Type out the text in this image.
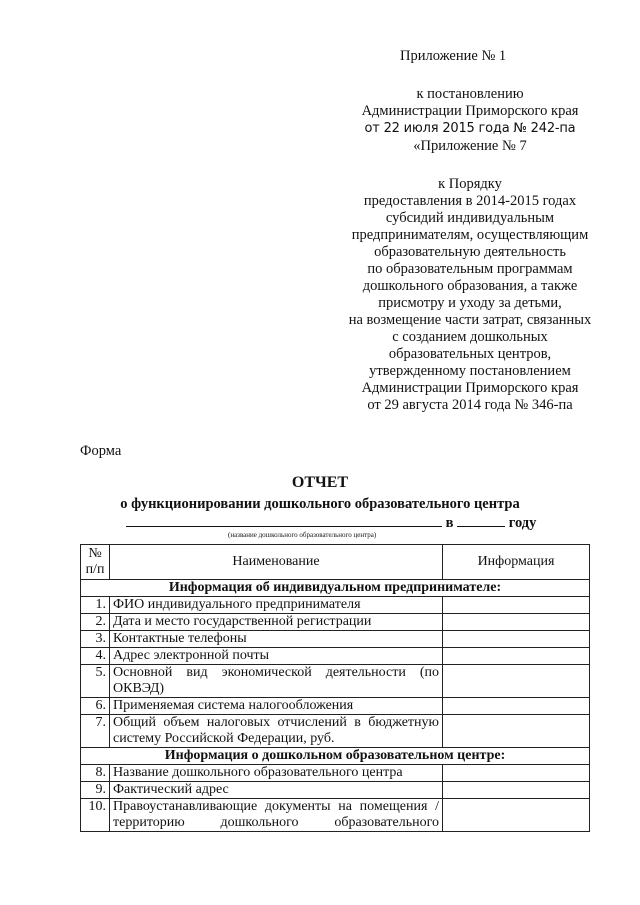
Приложение № 1
к постановлению
Администрации Приморского края
от 22 июля 2015 года № 242-па
«Приложение № 7
к Порядку
предоставления в 2014-2015 годах
субсидий индивидуальным
предпринимателям, осуществляющим
образовательную деятельность
по образовательным программам
дошкольного образования, а также
присмотру и уходу за детьми,
на возмещение части затрат, связанных
с созданием дошкольных
образовательных центров,
утвержденному постановлением
Администрации Приморского края
от 29 августа 2014 года № 346-па
Форма
ОТЧЕТ
о функционировании дошкольного образовательного центра
в	году
(название дошкольного образовательного центра)
№
п/п	Наименование	Информация
Информация об индивидуальном предпринимателе:		
1.	ФИО индивидуального предпринимателя	
2.	Дата и место государственной регистрации	
3.	Контактные телефоны	
4.	Адрес электронной почты	
5.	Основной вид экономической деятельности (по ОКВЭД)	
6.	Применяемая система налогообложения	
7.	Общий объем налоговых отчислений в бюджетную систему Российской Федерации, руб.	
Информация о дошкольном образовательном центре:		
8.	Название дошкольного образовательного центра	
9.	Фактический адрес	
10.	Правоустанавливающие документы на помещения / территорию дошкольного образовательного	
